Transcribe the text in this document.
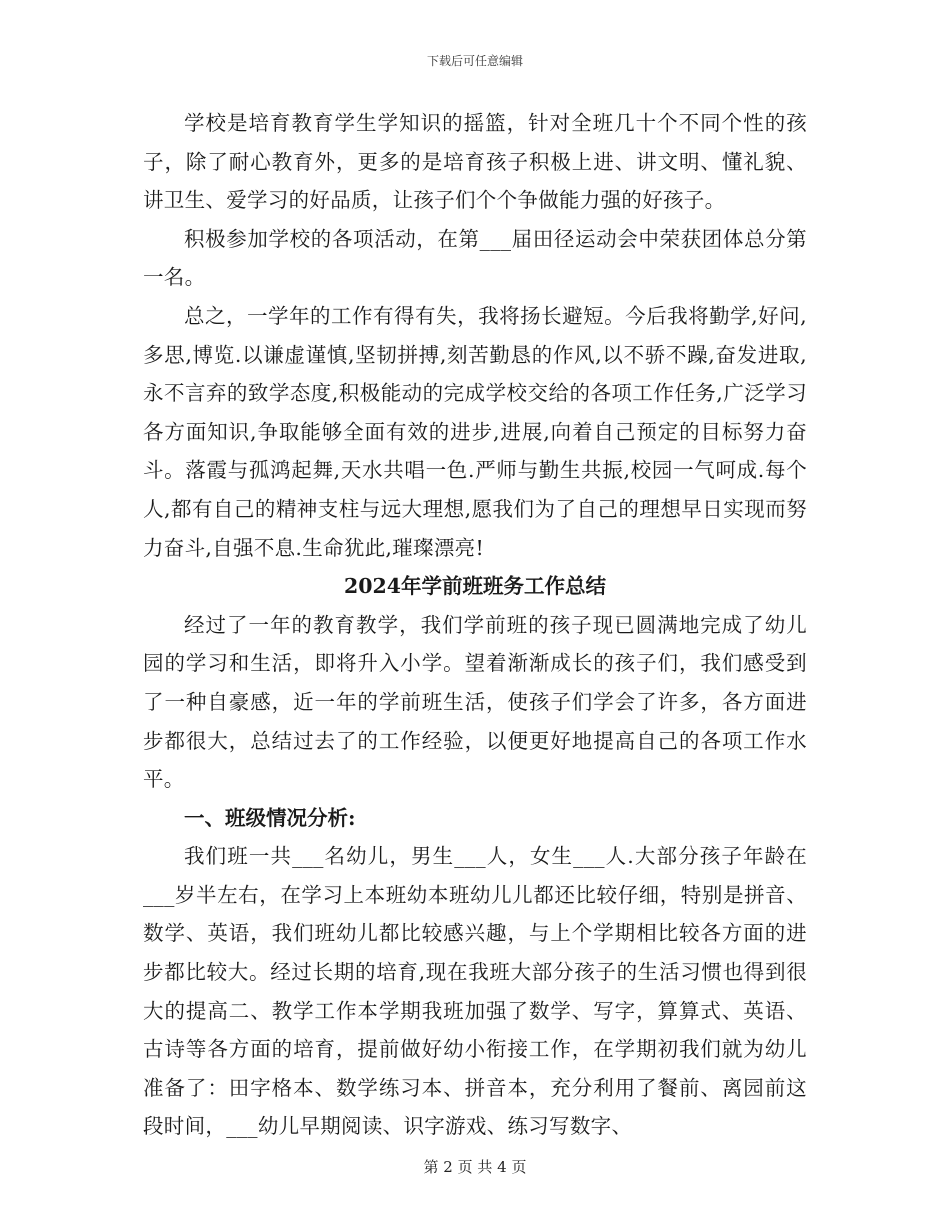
下载后可任意编辑

学校是培育教育学生学知识的摇篮，针对全班几十个不同个性的孩子，除了耐心教育外，更多的是培育孩子积极上进、讲文明、懂礼貌、讲卫生、爱学习的好品质，让孩子们个个争做能力强的好孩子。

积极参加学校的各项活动，在第___届田径运动会中荣获团体总分第一名。

总之，一学年的工作有得有失，我将扬长避短。今后我将勤学,好问,多思,博览.以谦虚谨慎,坚韧拼搏,刻苦勤恳的作风,以不骄不躁,奋发进取,永不言弃的致学态度,积极能动的完成学校交给的各项工作任务,广泛学习各方面知识,争取能够全面有效的进步,进展,向着自己预定的目标努力奋斗。落霞与孤鸿起舞,天水共唱一色.严师与勤生共振,校园一气呵成.每个人,都有自己的精神支柱与远大理想,愿我们为了自己的理想早日实现而努力奋斗,自强不息.生命犹此,璀璨漂亮!

2024年学前班班务工作总结

经过了一年的教育教学，我们学前班的孩子现已圆满地完成了幼儿园的学习和生活，即将升入小学。望着渐渐成长的孩子们，我们感受到了一种自豪感，近一年的学前班生活，使孩子们学会了许多，各方面进步都很大，总结过去了的工作经验，以便更好地提高自己的各项工作水平。

一、班级情况分析:

我们班一共___名幼儿，男生___人，女生___人.大部分孩子年龄在___岁半左右，在学习上本班幼本班幼儿儿都还比较仔细，特别是拼音、数学、英语，我们班幼儿都比较感兴趣，与上个学期相比较各方面的进步都比较大。经过长期的培育,现在我班大部分孩子的生活习惯也得到很大的提高二、教学工作本学期我班加强了数学、写字，算算式、英语、古诗等各方面的培育，提前做好幼小衔接工作，在学期初我们就为幼儿准备了：田字格本、数学练习本、拼音本，充分利用了餐前、离园前这段时间，___幼儿早期阅读、识字游戏、练习写数字、

第 2 页 共 4 页
